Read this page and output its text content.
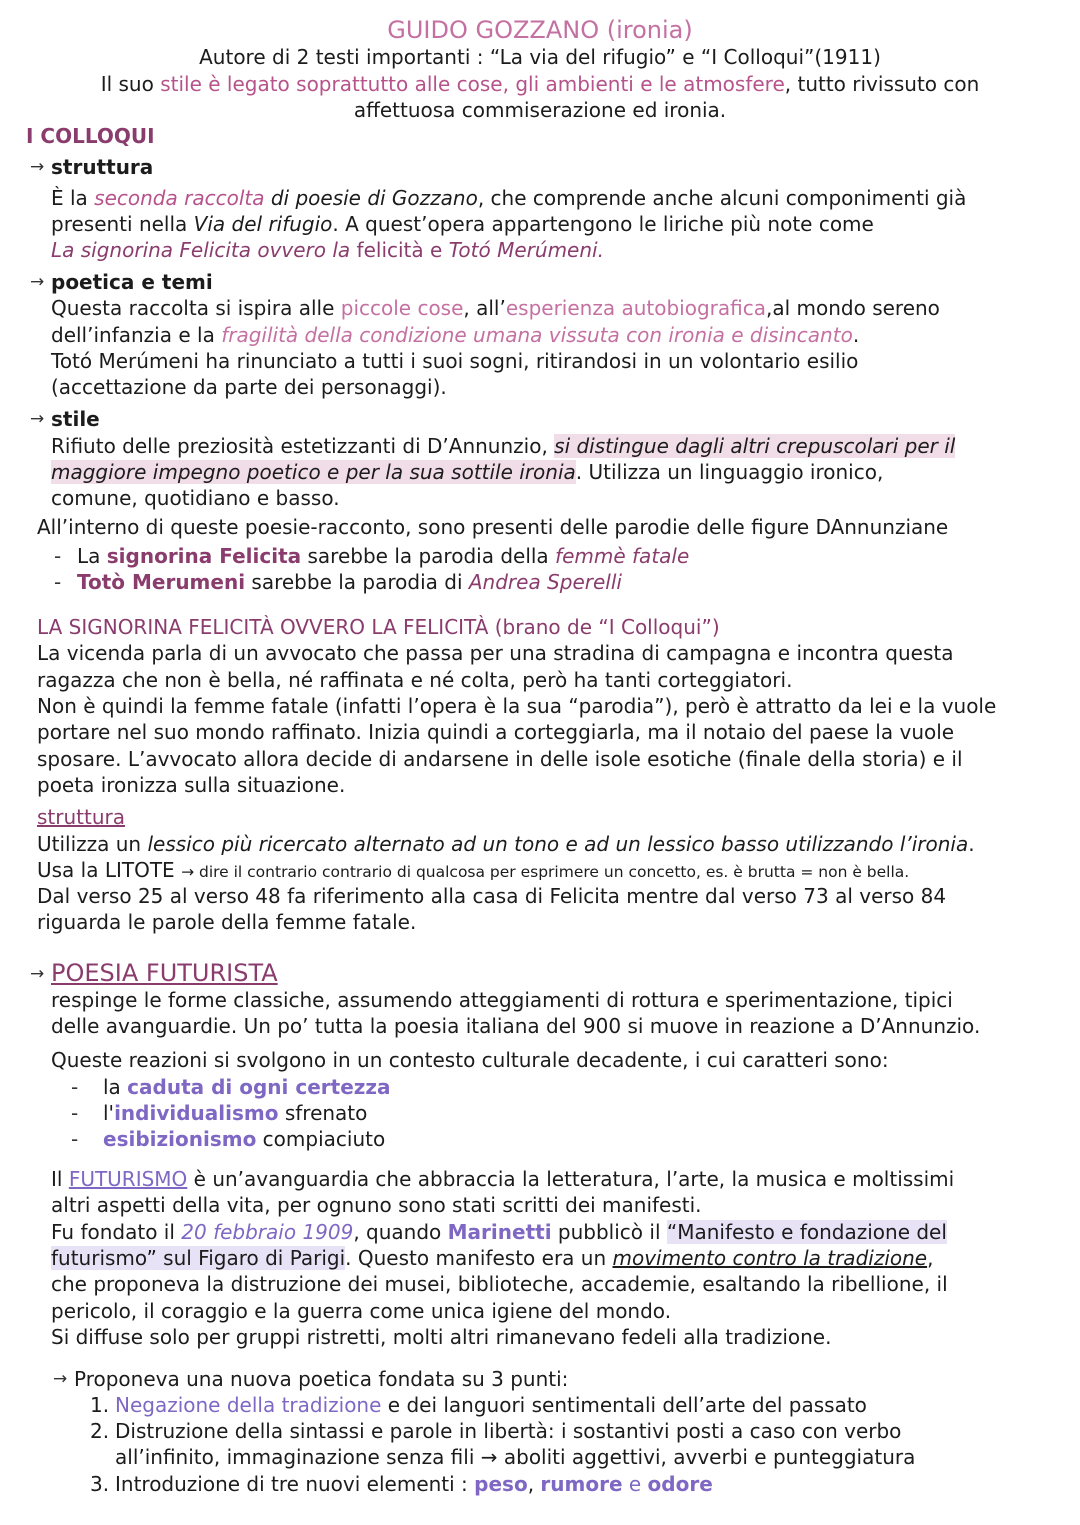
GUIDO GOZZANO (ironia)
Autore di 2 testi importanti : “La via del rifugio” e “I Colloqui”(1911)
Il suo stile è legato soprattutto alle cose, gli ambienti e le atmosfere, tutto rivissuto con
affettuosa commiserazione ed ironia.
I COLLOQUI
→ struttura
È la seconda raccolta di poesie di Gozzano, che comprende anche alcuni componimenti già
presenti nella Via del rifugio. A quest’opera appartengono le liriche più note come
La signorina Felicita ovvero la felicità e Totó Merúmeni.
→ poetica e temi
Questa raccolta si ispira alle piccole cose, all’esperienza autobiografica,al mondo sereno
dell’infanzia e la fragilità della condizione umana vissuta con ironia e disincanto.
Totó Merúmeni ha rinunciato a tutti i suoi sogni, ritirandosi in un volontario esilio
(accettazione da parte dei personaggi).
→ stile
Rifiuto delle preziosità estetizzanti di D’Annunzio, si distingue dagli altri crepuscolari per il
maggiore impegno poetico e per la sua sottile ironia. Utilizza un linguaggio ironico,
comune, quotidiano e basso.
All’interno di queste poesie-racconto, sono presenti delle parodie delle figure DAnnunziane
- La signorina Felicita sarebbe la parodia della femmè fatale
- Totò Merumeni sarebbe la parodia di Andrea Sperelli
LA SIGNORINA FELICITÀ OVVERO LA FELICITÀ (brano de “I Colloqui”)
La vicenda parla di un avvocato che passa per una stradina di campagna e incontra questa
ragazza che non è bella, né raffinata e né colta, però ha tanti corteggiatori.
Non è quindi la femme fatale (infatti l’opera è la sua “parodia”), però è attratto da lei e la vuole
portare nel suo mondo raffinato. Inizia quindi a corteggiarla, ma il notaio del paese la vuole
sposare. L’avvocato allora decide di andarsene in delle isole esotiche (finale della storia) e il
poeta ironizza sulla situazione.
struttura
Utilizza un lessico più ricercato alternato ad un tono e ad un lessico basso utilizzando l’ironia.
Usa la LITOTE → dire il contrario contrario di qualcosa per esprimere un concetto, es. è brutta = non è bella.
Dal verso 25 al verso 48 fa riferimento alla casa di Felicita mentre dal verso 73 al verso 84
riguarda le parole della femme fatale.
→ POESIA FUTURISTA
respinge le forme classiche, assumendo atteggiamenti di rottura e sperimentazione, tipici
delle avanguardie. Un po’ tutta la poesia italiana del 900 si muove in reazione a D’Annunzio.
Queste reazioni si svolgono in un contesto culturale decadente, i cui caratteri sono:
- la caduta di ogni certezza
- l'individualismo sfrenato
- esibizionismo compiaciuto
Il FUTURISMO è un’avanguardia che abbraccia la letteratura, l’arte, la musica e moltissimi
altri aspetti della vita, per ognuno sono stati scritti dei manifesti.
Fu fondato il 20 febbraio 1909, quando Marinetti pubblicò il “Manifesto e fondazione del
futurismo” sul Figaro di Parigi. Questo manifesto era un movimento contro la tradizione,
che proponeva la distruzione dei musei, biblioteche, accademie, esaltando la ribellione, il
pericolo, il coraggio e la guerra come unica igiene del mondo.
Si diffuse solo per gruppi ristretti, molti altri rimanevano fedeli alla tradizione.
→ Proponeva una nuova poetica fondata su 3 punti:
1. Negazione della tradizione e dei languori sentimentali dell’arte del passato
2. Distruzione della sintassi e parole in libertà: i sostantivi posti a caso con verbo
all’infinito, immaginazione senza fili → aboliti aggettivi, avverbi e punteggiatura
3. Introduzione di tre nuovi elementi : peso, rumore e odore
